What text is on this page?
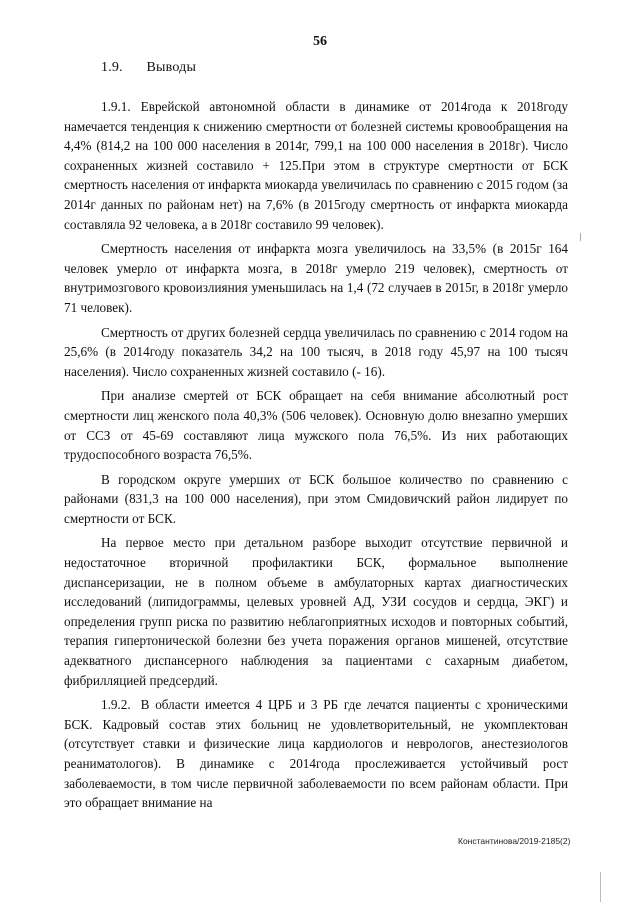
56
1.9. Выводы

1.9.1. Еврейской автономной области в динамике от 2014года к 2018году намечается тенденция к снижению смертности от болезней системы кровообращения на 4,4% (814,2 на 100 000 населения в 2014г, 799,1 на 100 000 населения в 2018г). Число сохраненных жизней составило + 125.При этом в структуре смертности от БСК смертность населения от инфаркта миокарда увеличилась по сравнению с 2015 годом (за 2014г данных по районам нет) на 7,6% (в 2015году смертность от инфаркта миокарда составляла 92 человека, а в 2018г составило 99 человек).

Смертность населения от инфаркта мозга увеличилось на 33,5% (в 2015г 164 человек умерло от инфаркта мозга, в 2018г умерло 219 человек), смертность от внутримозгового кровоизлияния уменьшилась на 1,4 (72 случаев в 2015г, в 2018г умерло 71 человек).

Смертность от других болезней сердца увеличилась по сравнению с 2014 годом на 25,6% (в 2014году показатель 34,2 на 100 тысяч, в 2018 году 45,97 на 100 тысяч населения). Число сохраненных жизней составило (- 16).

При анализе смертей от БСК обращает на себя внимание абсолютный рост смертности лиц женского пола 40,3% (506 человек). Основную долю внезапно умерших от ССЗ от 45-69 составляют лица мужского пола 76,5%. Из них работающих трудоспособного возраста 76,5%.

В городском округе умерших от БСК большое количество по сравнению с районами (831,3 на 100 000 населения), при этом Смидовичский район лидирует по смертности от БСК.

На первое место при детальном разборе выходит отсутствие первичной и недостаточное вторичной профилактики БСК, формальное выполнение диспансеризации, не в полном объеме в амбулаторных картах диагностических исследований (липидограммы, целевых уровней АД, УЗИ сосудов и сердца, ЭКГ) и определения групп риска по развитию неблагоприятных исходов и повторных событий, терапия гипертонической болезни без учета поражения органов мишеней, отсутствие адекватного диспансерного наблюдения за пациентами с сахарным диабетом, фибрилляцией предсердий.

1.9.2. В области имеется 4 ЦРБ и 3 РБ где лечатся пациенты с хроническими БСК. Кадровый состав этих больниц не удовлетворительный, не укомплектован (отсутствует ставки и физические лица кардиологов и неврологов, анестезиологов реаниматологов). В динамике с 2014года прослеживается устойчивый рост заболеваемости, в том числе первичной заболеваемости по всем районам области. При это обращает внимание на

Константинова/2019-2185(2)
